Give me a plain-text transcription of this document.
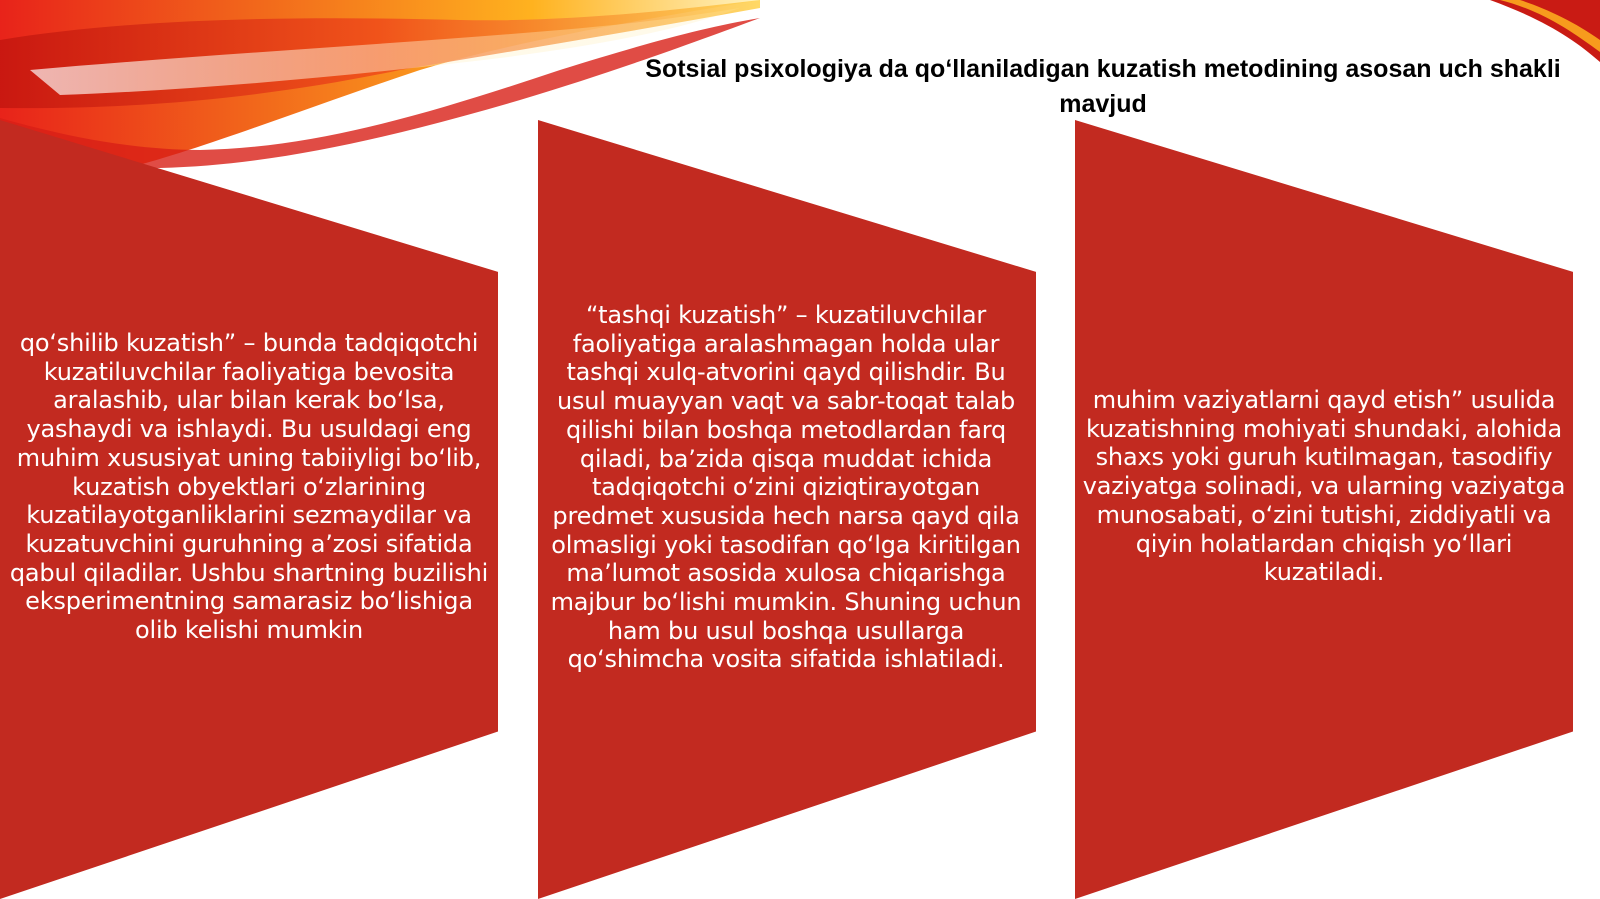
Sotsial psixologiya da qo‘llaniladigan kuzatish metodining asosan uch shakli mavjud
qo‘shilib kuzatish” – bunda tadqiqotchi kuzatiluvchilar faoliyatiga bevosita aralashib, ular bilan kerak bo‘lsa, yashaydi va ishlaydi. Bu usuldagi eng muhim xususiyat uning tabiiyligi bo‘lib, kuzatish obyektlari o‘zlarining kuzatilayotganliklarini sezmaydilar va kuzatuvchini guruhning a’zosi sifatida qabul qiladilar. Ushbu shartning buzilishi eksperimentning samarasiz bo‘lishiga olib kelishi mumkin
“tashqi kuzatish” – kuzatiluvchilar faoliyatiga aralashmagan holda ular tashqi xulq-atvorini qayd qilishdir. Bu usul muayyan vaqt va sabr-toqat talab qilishi bilan boshqa metodlardan farq qiladi, ba’zida qisqa muddat ichida tadqiqotchi o‘zini qiziqtirayotgan predmet xususida hech narsa qayd qila olmasligi yoki tasodifan qo‘lga kiritilgan ma’lumot asosida xulosa chiqarishga majbur bo‘lishi mumkin. Shuning uchun ham bu usul boshqa usullarga qo‘shimcha vosita sifatida ishlatiladi.
muhim vaziyatlarni qayd etish” usulida kuzatishning mohiyati shundaki, alohida shaxs yoki guruh kutilmagan, tasodifiy vaziyatga solinadi, va ularning vaziyatga munosabati, o‘zini tutishi, ziddiyatli va qiyin holatlardan chiqish yo‘llari kuzatiladi.
